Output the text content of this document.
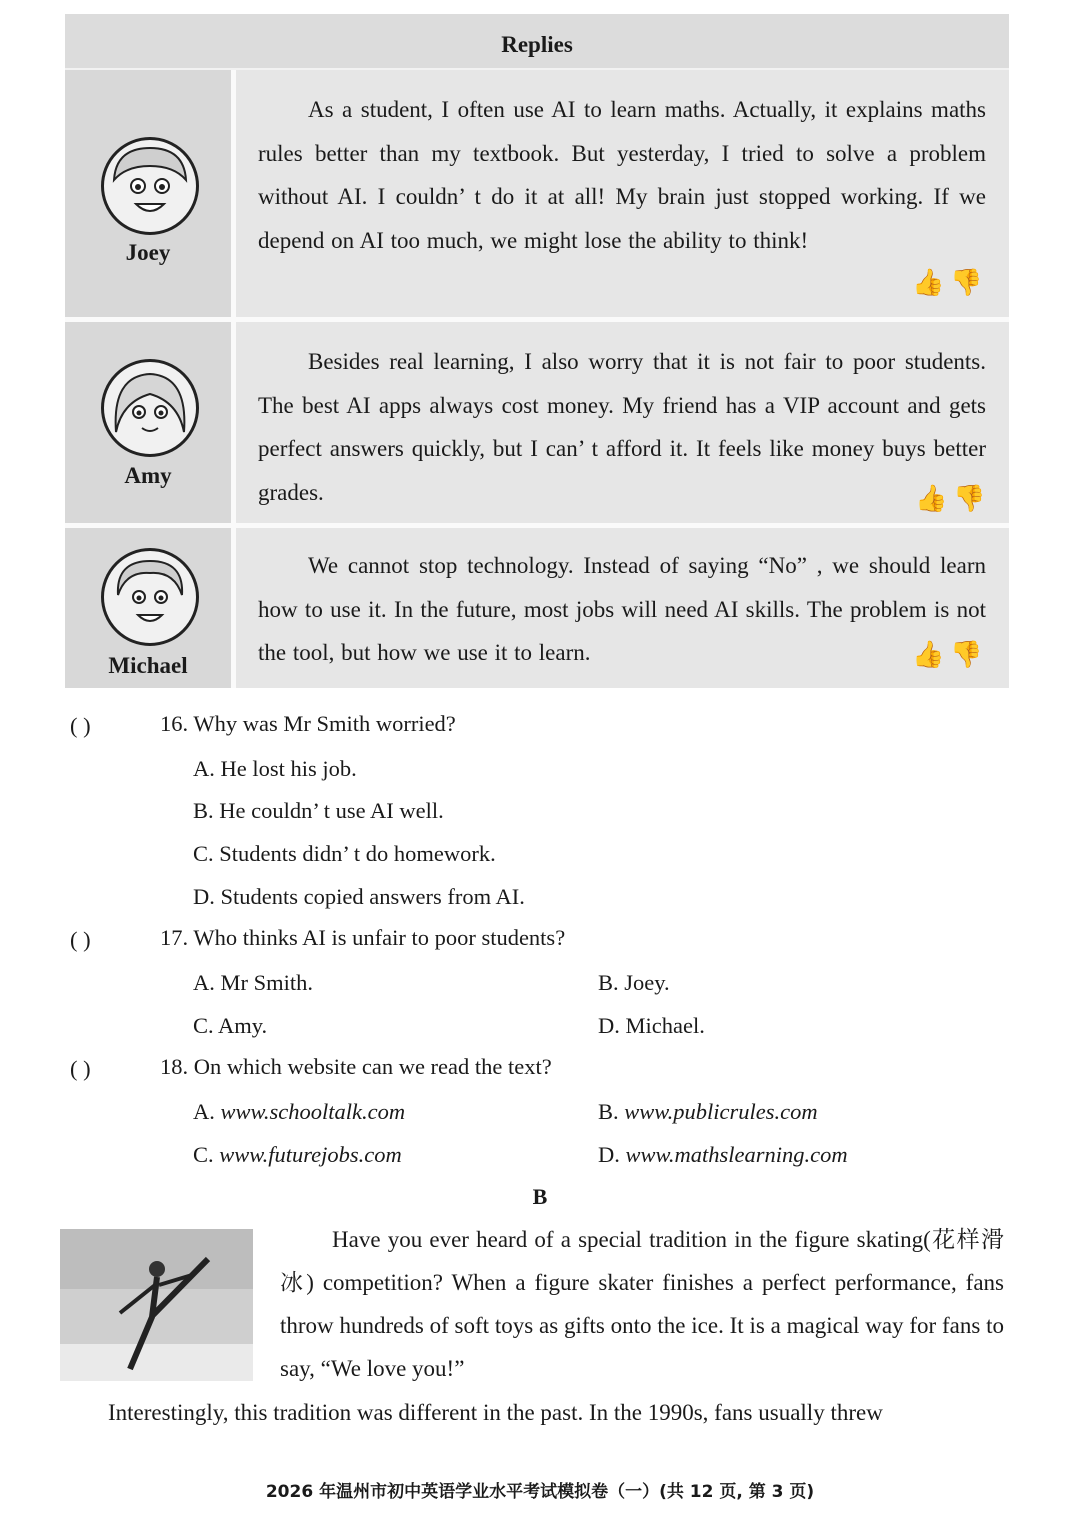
Replies
Joey
As a student, I often use AI to learn maths. Actually, it explains maths rules better than my textbook. But yesterday, I tried to solve a problem without AI. I couldn’ t do it at all! My brain just stopped working. If we depend on AI too much, we might lose the ability to think!
👍👎
Amy
Besides real learning, I also worry that it is not fair to poor students. The best AI apps always cost money. My friend has a VIP account and gets perfect answers quickly, but I can’ t afford it. It feels like money buys better grades.	👍👎
Michael
We cannot stop technology. Instead of saying “No” , we should learn how to use it. In the future, most jobs will need AI skills. The problem is not the tool, but how we use it to learn.	👍👎
( )	16. Why was Mr Smith worried?
A. He lost his job.
B. He couldn’ t use AI well.
C. Students didn’ t do homework.
D. Students copied answers from AI.
( )	17. Who thinks AI is unfair to poor students?
A. Mr Smith.	B. Joey.
C. Amy.	D. Michael.
( )	18. On which website can we read the text?
A. www.schooltalk.com	B. www.publicrules.com
C. www.futurejobs.com	D. www.mathslearning.com
B
Have you ever heard of a special tradition in the figure skating(花样滑冰) competition? When a figure skater finishes a perfect performance, fans throw hundreds of soft toys as gifts onto the ice. It is a magical way for fans to say, “We love you!”
Interestingly, this tradition was different in the past. In the 1990s, fans usually threw
2026 年温州市初中英语学业水平考试模拟卷（一）(共 12 页, 第 3 页)
